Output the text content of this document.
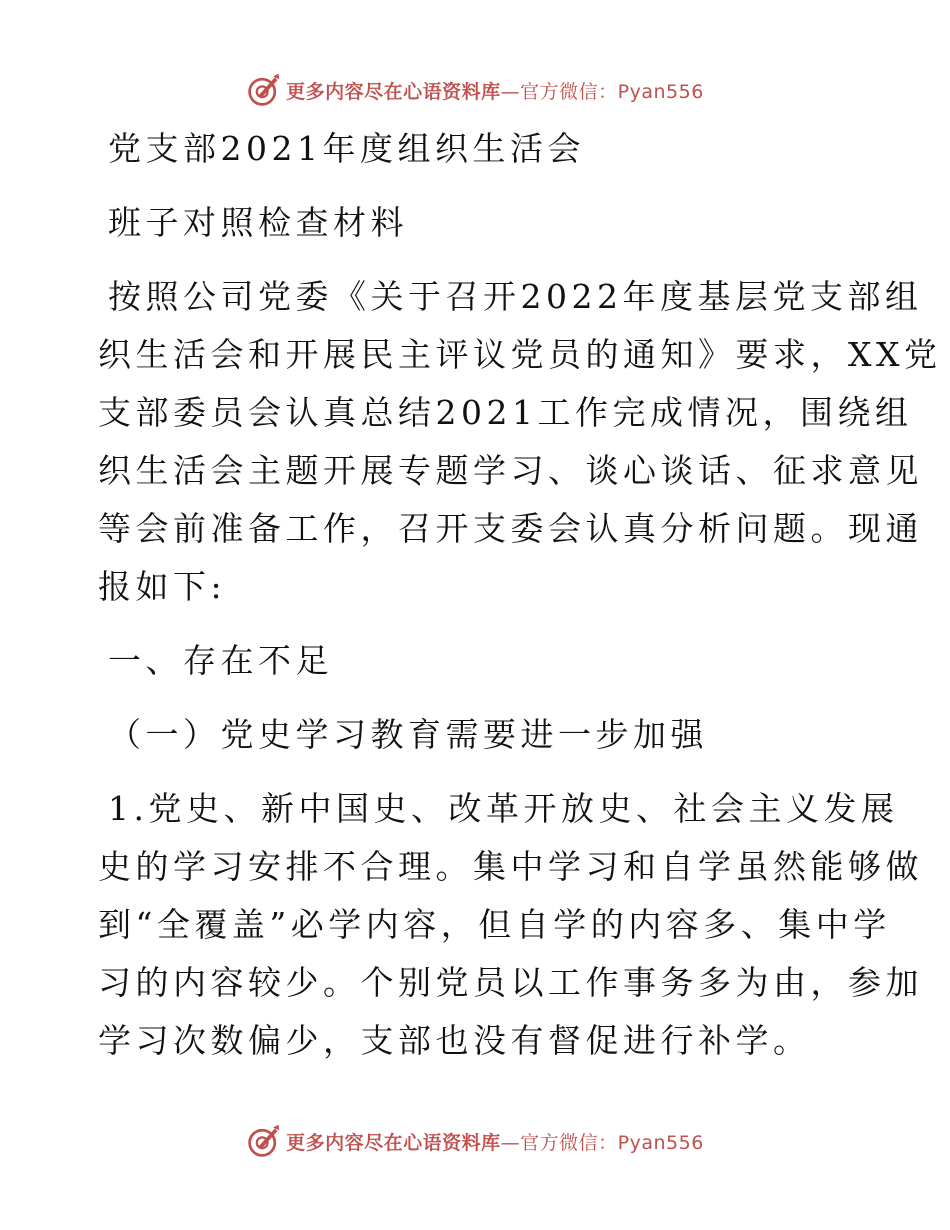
更多内容尽在心语资料库—官方微信：Pyan556
党支部2021年度组织生活会
班子对照检查材料
按照公司党委《关于召开2022年度基层党支部组
织生活会和开展民主评议党员的通知》要求，XX党
支部委员会认真总结2021工作完成情况，围绕组
织生活会主题开展专题学习、谈心谈话、征求意见
等会前准备工作，召开支委会认真分析问题。现通
报如下:
一、存在不足
（一）党史学习教育需要进一步加强
1.党史、新中国史、改革开放史、社会主义发展
史的学习安排不合理。集中学习和自学虽然能够做
到“全覆盖”必学内容，但自学的内容多、集中学
习的内容较少。个别党员以工作事务多为由，参加
学习次数偏少，支部也没有督促进行补学。
更多内容尽在心语资料库—官方微信：Pyan556
